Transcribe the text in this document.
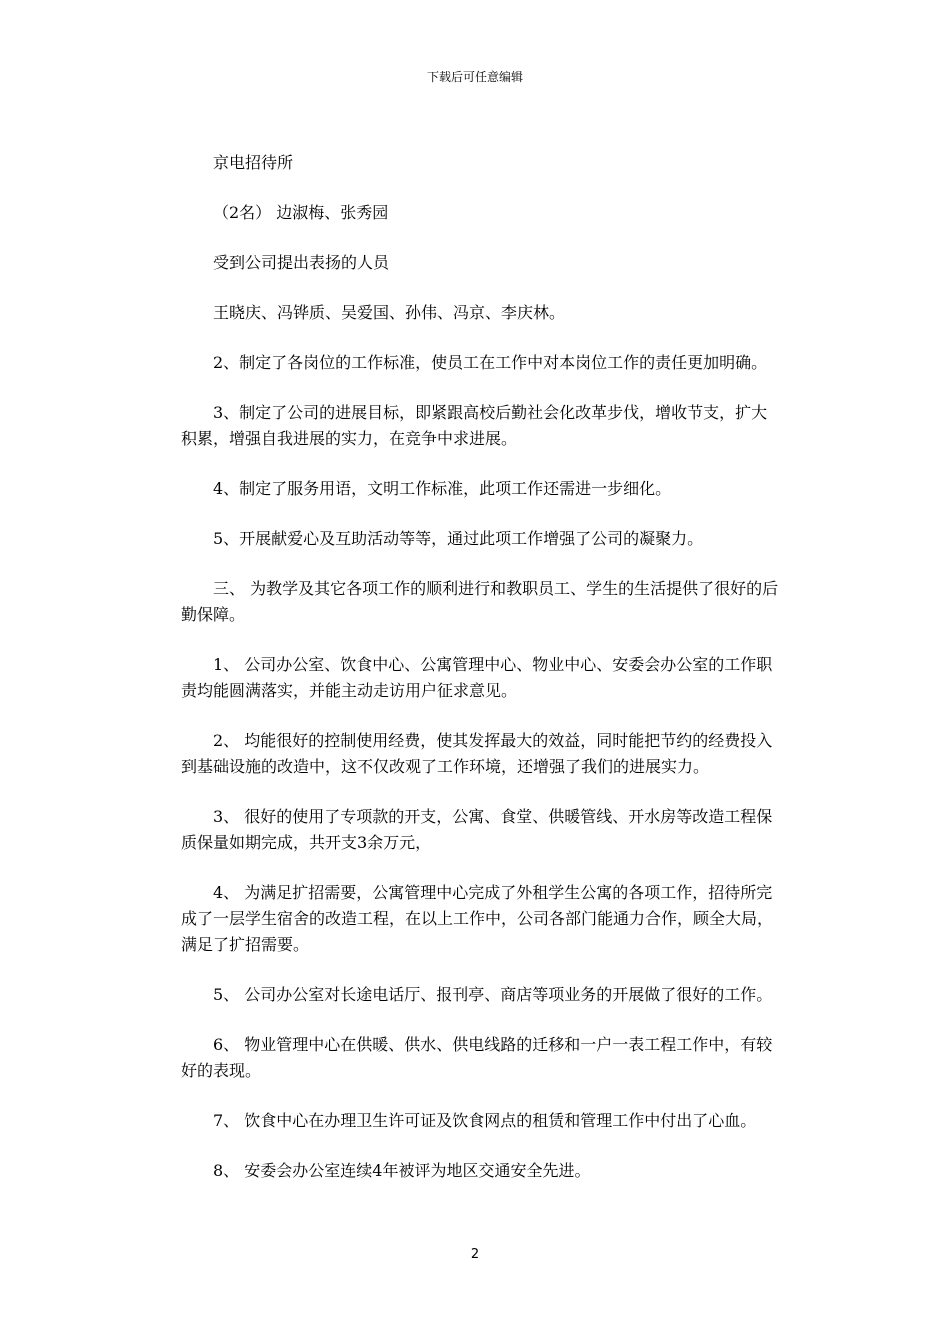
下载后可任意编辑

京电招待所

（2名） 边淑梅、张秀园

受到公司提出表扬的人员

王晓庆、冯铧质、吴爱国、孙伟、冯京、李庆林。

2、制定了各岗位的工作标准，使员工在工作中对本岗位工作的责任更加明确。

3、制定了公司的进展目标，即紧跟高校后勤社会化改革步伐，增收节支，扩大积累，增强自我进展的实力，在竞争中求进展。

4、制定了服务用语，文明工作标准，此项工作还需进一步细化。

5、开展献爱心及互助活动等等，通过此项工作增强了公司的凝聚力。

三、 为教学及其它各项工作的顺利进行和教职员工、学生的生活提供了很好的后勤保障。

1、 公司办公室、饮食中心、公寓管理中心、物业中心、安委会办公室的工作职责均能圆满落实，并能主动走访用户征求意见。

2、 均能很好的控制使用经费，使其发挥最大的效益，同时能把节约的经费投入到基础设施的改造中，这不仅改观了工作环境，还增强了我们的进展实力。

3、 很好的使用了专项款的开支，公寓、食堂、供暖管线、开水房等改造工程保质保量如期完成，共开支3余万元，

4、 为满足扩招需要，公寓管理中心完成了外租学生公寓的各项工作，招待所完成了一层学生宿舍的改造工程，在以上工作中，公司各部门能通力合作，顾全大局，满足了扩招需要。

5、 公司办公室对长途电话厅、报刊亭、商店等项业务的开展做了很好的工作。

6、 物业管理中心在供暖、供水、供电线路的迁移和一户一表工程工作中，有较好的表现。

7、 饮食中心在办理卫生许可证及饮食网点的租赁和管理工作中付出了心血。

8、 安委会办公室连续4年被评为地区交通安全先进。

2
